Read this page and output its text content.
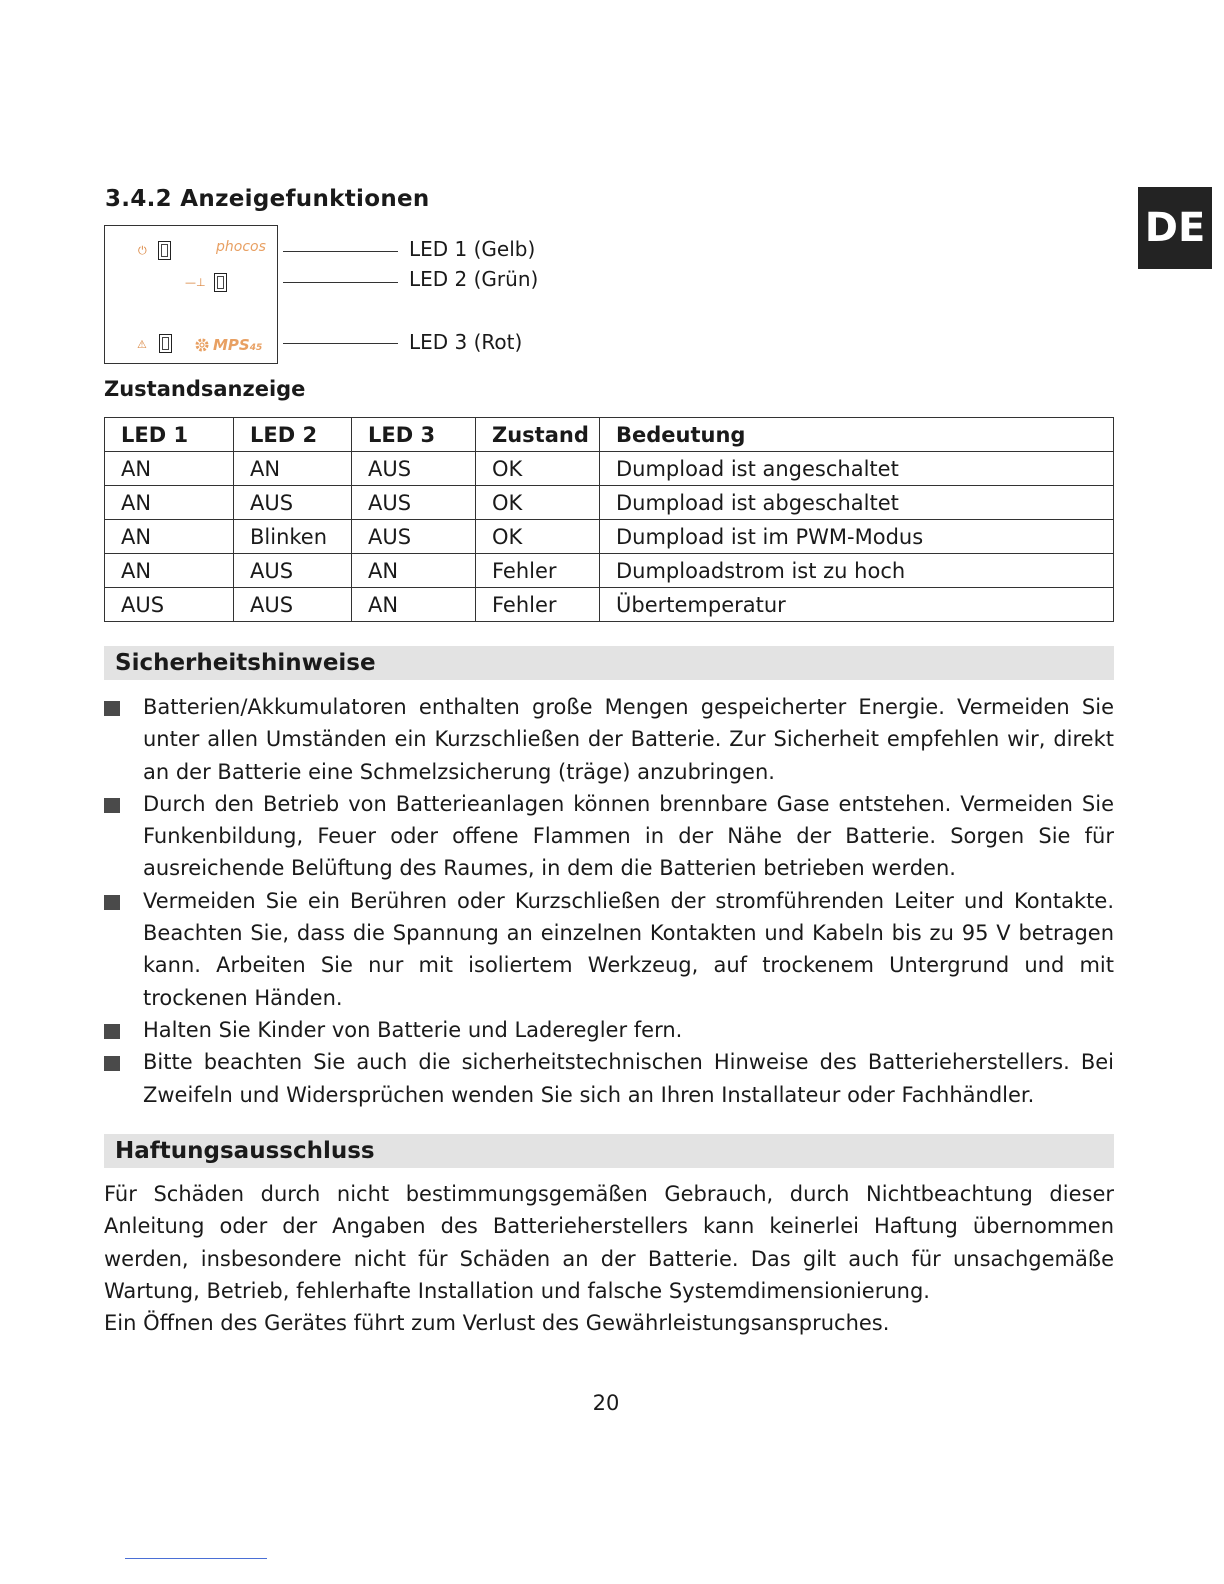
DE
3.4.2 Anzeigefunktionen
⏻	phocos
—⊥
⚠	MPS45
LED 1 (Gelb)
LED 2 (Grün)
LED 3 (Rot)
Zustandsanzeige
LED 1	LED 2	LED 3	Zustand	Bedeutung
AN	AN	AUS	OK	Dumpload ist angeschaltet
AN	AUS	AUS	OK	Dumpload ist abgeschaltet
AN	Blinken	AUS	OK	Dumpload ist im PWM-Modus
AN	AUS	AN	Fehler	Dumploadstrom ist zu hoch
AUS	AUS	AN	Fehler	Übertemperatur
Sicherheitshinweise
Batterien/Akkumulatoren enthalten große Mengen gespeicherter Energie. Vermeiden Sie unter allen Umständen ein Kurzschließen der Batterie. Zur Sicherheit empfehlen wir, direkt an der Batterie eine Schmelzsicherung (träge) anzubringen.
Durch den Betrieb von Batterieanlagen können brennbare Gase entstehen. Vermeiden Sie Funkenbildung, Feuer oder offene Flammen in der Nähe der Batterie. Sorgen Sie für ausreichende Belüftung des Raumes, in dem die Batterien betrieben werden.
Vermeiden Sie ein Berühren oder Kurzschließen der stromführenden Leiter und Kontakte. Beachten Sie, dass die Spannung an einzelnen Kontakten und Kabeln bis zu 95 V betragen kann. Arbeiten Sie nur mit isoliertem Werkzeug, auf trockenem Untergrund und mit trockenen Händen.
Halten Sie Kinder von Batterie und Laderegler fern.
Bitte beachten Sie auch die sicherheitstechnischen Hinweise des Batterieherstellers. Bei Zweifeln und Widersprüchen wenden Sie sich an Ihren Installateur oder Fachhändler.
Haftungsausschluss

Für Schäden durch nicht bestimmungsgemäßen Gebrauch, durch Nichtbeachtung dieser Anleitung oder der Angaben des Batterieherstellers kann keinerlei Haftung übernommen werden, insbesondere nicht für Schäden an der Batterie. Das gilt auch für unsachgemäße Wartung, Betrieb, fehlerhafte Installation und falsche Systemdimensionierung.

Ein Öffnen des Gerätes führt zum Verlust des Gewährleistungsanspruches.

20
